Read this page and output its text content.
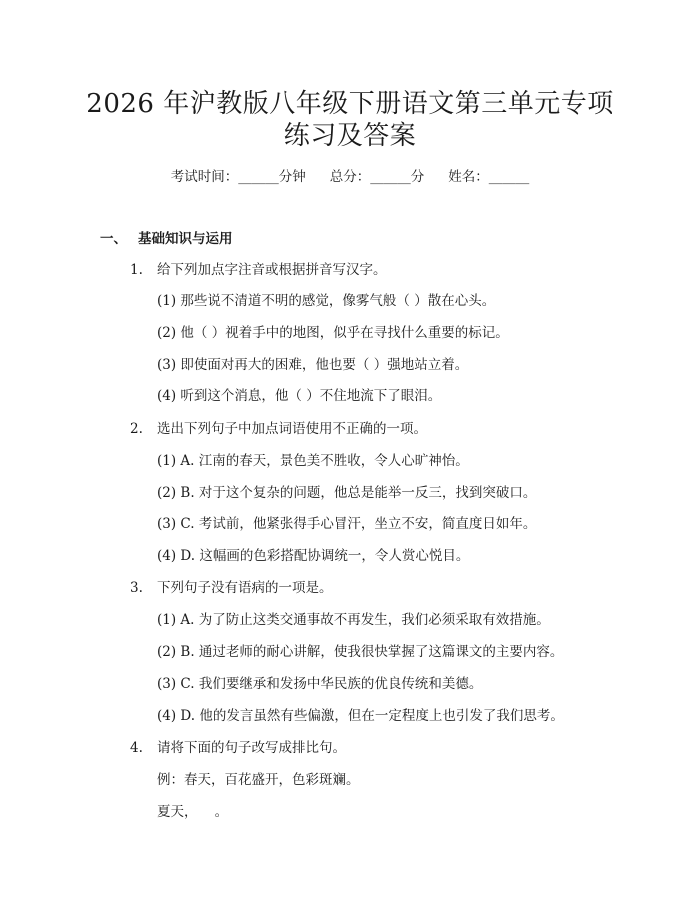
2026 年沪教版八年级下册语文第三单元专项
练习及答案
考试时间：______分钟 总分：______分 姓名：______
一、 基础知识与运用
1. 给下列加点字注音或根据拼音写汉字。
(1) 那些说不清道不明的感觉，像雾气般（ ）散在心头。
(2) 他（ ）视着手中的地图，似乎在寻找什么重要的标记。
(3) 即使面对再大的困难，他也要（ ）强地站立着。
(4) 听到这个消息，他（ ）不住地流下了眼泪。
2. 选出下列句子中加点词语使用不正确的一项。
(1) A. 江南的春天，景色美不胜收，令人心旷神怡。
(2) B. 对于这个复杂的问题，他总是能举一反三，找到突破口。
(3) C. 考试前，他紧张得手心冒汗，坐立不安，简直度日如年。
(4) D. 这幅画的色彩搭配协调统一，令人赏心悦目。
3. 下列句子没有语病的一项是。
(1) A. 为了防止这类交通事故不再发生，我们必须采取有效措施。
(2) B. 通过老师的耐心讲解，使我很快掌握了这篇课文的主要内容。
(3) C. 我们要继承和发扬中华民族的优良传统和美德。
(4) D. 他的发言虽然有些偏激，但在一定程度上也引发了我们思考。
4. 请将下面的句子改写成排比句。
例：春天，百花盛开，色彩斑斓。
夏天，    。
